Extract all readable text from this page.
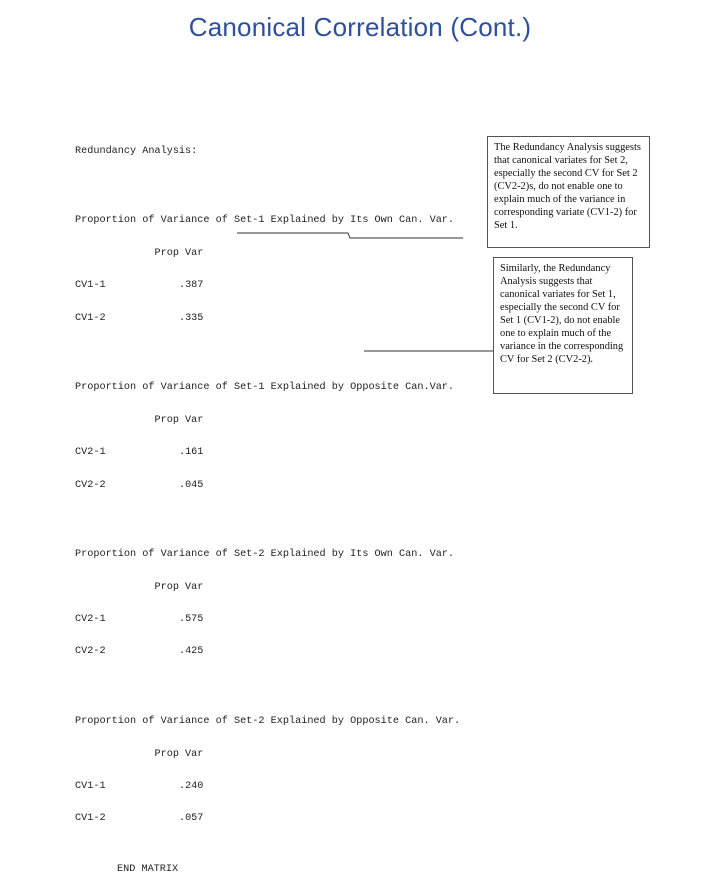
Canonical Correlation (Cont.)

Redundancy Analysis:

Proportion of Variance of Set-1 Explained by Its Own Can. Var.

Prop Var

CV1-1	.387

CV1-2	.335

Proportion of Variance of Set-1 Explained by Opposite Can.Var.

Prop Var

CV2-1	.161

CV2-2	.045

Proportion of Variance of Set-2 Explained by Its Own Can. Var.

Prop Var

CV2-1	.575

CV2-2	.425

Proportion of Variance of Set-2 Explained by Opposite Can. Var.

Prop Var

CV1-1	.240

CV1-2	.057

END MATRIX

The Redundancy Analysis suggests that canonical variates for Set 2, especially the second CV for Set 2 (CV2-2)s, do not enable one to explain much of the variance in corresponding variate (CV1-2) for Set 1.
Similarly, the Redundancy Analysis suggests that canonical variates for Set 1, especially the second CV for Set 1 (CV1-2), do not enable one to explain much of the variance in the corresponding CV for Set 2 (CV2-2).
